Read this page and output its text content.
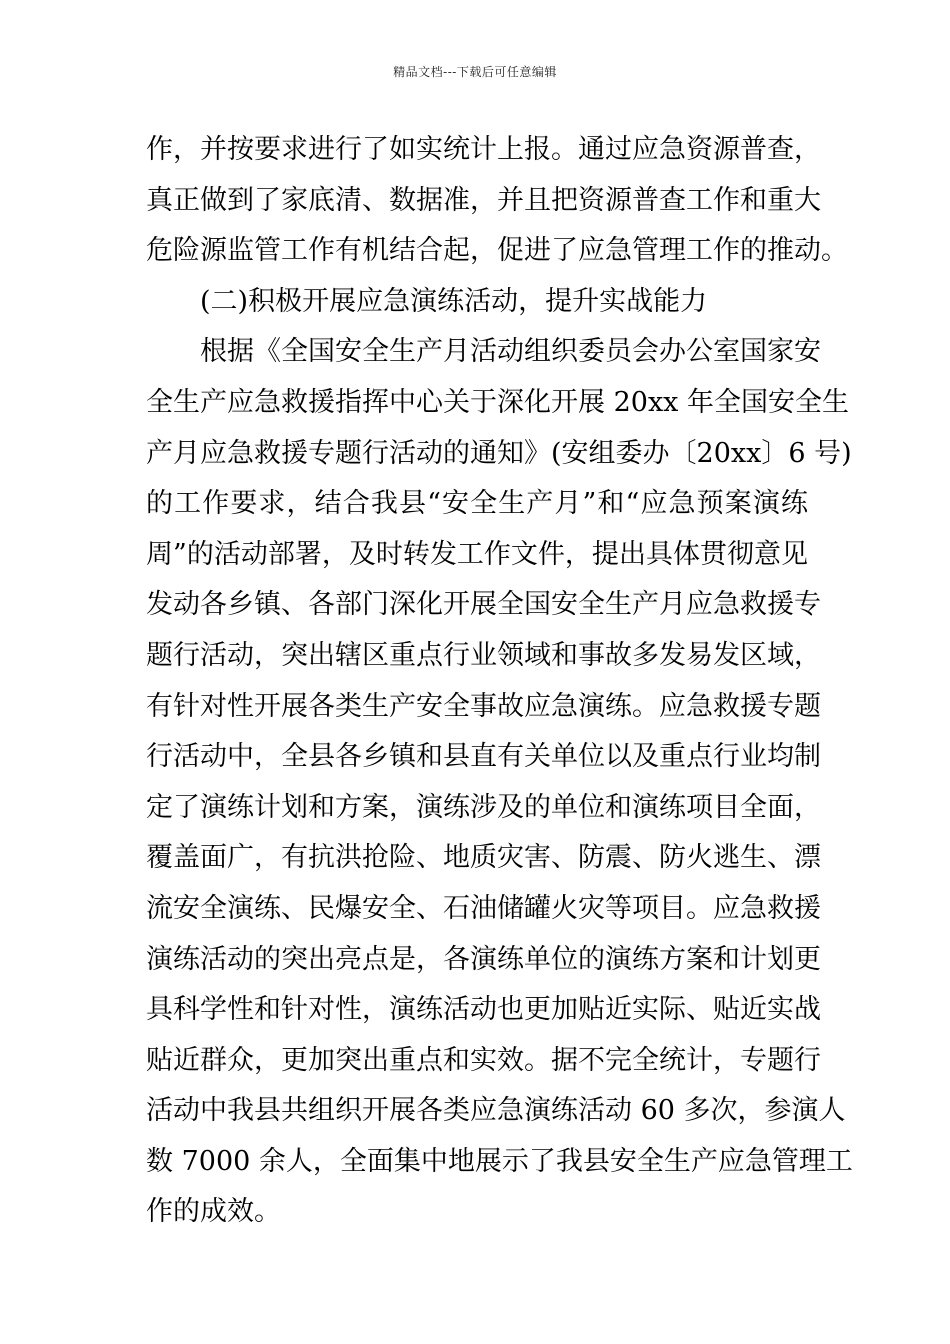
精品文档---下载后可任意编辑
作，并按要求进行了如实统计上报。通过应急资源普查，
真正做到了家底清、数据准，并且把资源普查工作和重大
危险源监管工作有机结合起，促进了应急管理工作的推动。
(二)积极开展应急演练活动，提升实战能力
根据《全国安全生产月活动组织委员会办公室国家安
全生产应急救援指挥中心关于深化开展 20xx 年全国安全生
产月应急救援专题行活动的通知》(安组委办〔20xx〕6 号)
的工作要求，结合我县“安全生产月”和“应急预案演练
周”的活动部署，及时转发工作文件，提出具体贯彻意见
发动各乡镇、各部门深化开展全国安全生产月应急救援专
题行活动，突出辖区重点行业领域和事故多发易发区域，
有针对性开展各类生产安全事故应急演练。应急救援专题
行活动中，全县各乡镇和县直有关单位以及重点行业均制
定了演练计划和方案，演练涉及的单位和演练项目全面，
覆盖面广，有抗洪抢险、地质灾害、防震、防火逃生、漂
流安全演练、民爆安全、石油储罐火灾等项目。应急救援
演练活动的突出亮点是，各演练单位的演练方案和计划更
具科学性和针对性，演练活动也更加贴近实际、贴近实战
贴近群众，更加突出重点和实效。据不完全统计，专题行
活动中我县共组织开展各类应急演练活动 60 多次，参演人
数 7000 余人，全面集中地展示了我县安全生产应急管理工
作的成效。
